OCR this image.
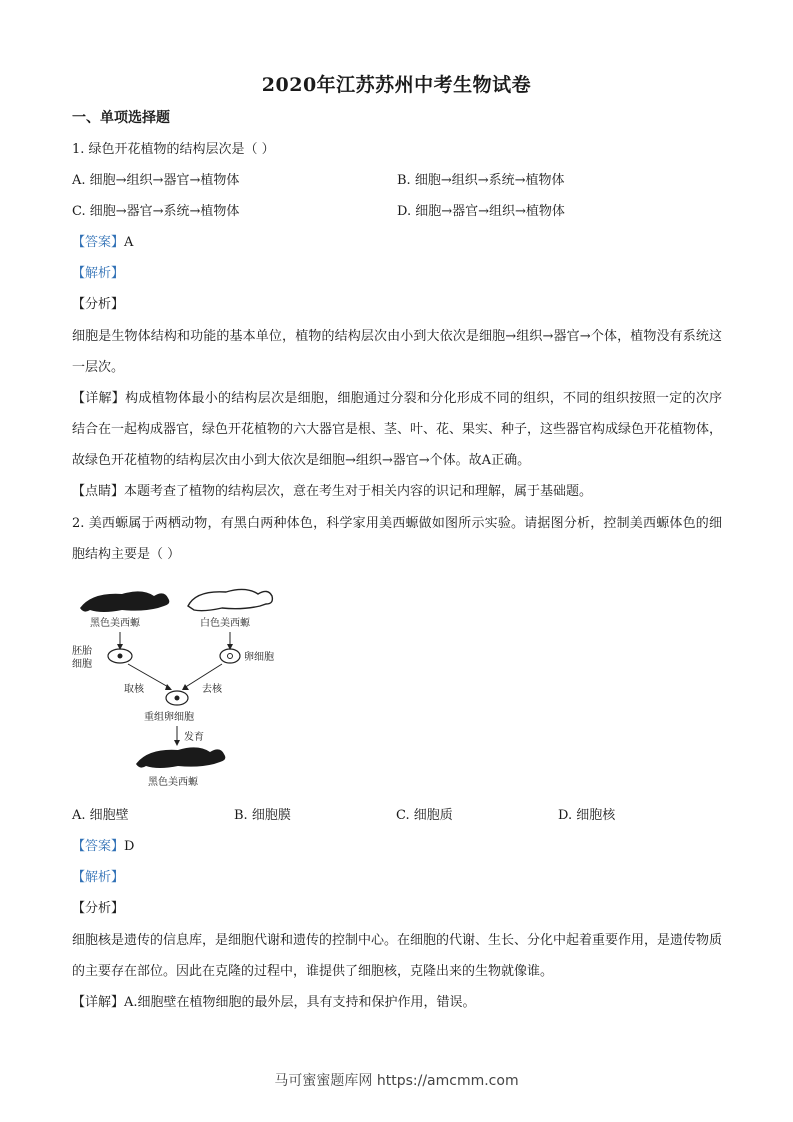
2020年江苏苏州中考生物试卷
一、单项选择题
1. 绿色开花植物的结构层次是（ ）
A. 细胞→组织→器官→植物体	B. 细胞→组织→系统→植物体
C. 细胞→器官→系统→植物体	D. 细胞→器官→组织→植物体
【答案】A
【解析】
【分析】
细胞是生物体结构和功能的基本单位，植物的结构层次由小到大依次是细胞→组织→器官→个体，植物没有系统这一层次。
【详解】构成植物体最小的结构层次是细胞，细胞通过分裂和分化形成不同的组织，不同的组织按照一定的次序结合在一起构成器官，绿色开花植物的六大器官是根、茎、叶、花、果实、种子，这些器官构成绿色开花植物体，故绿色开花植物的结构层次由小到大依次是细胞→组织→器官→个体。故A正确。
【点睛】本题考查了植物的结构层次，意在考生对于相关内容的识记和理解，属于基础题。
2. 美西螈属于两栖动物，有黑白两种体色，科学家用美西螈做如图所示实验。请据图分析，控制美西螈体色的细胞结构主要是（ ）
黑色美西螈	白色美西螈
胚胎
细胞
卵细胞
取核	去核
重组卵细胞
发育
黑色美西螈
A. 细胞壁	B. 细胞膜	C. 细胞质	D. 细胞核
【答案】D
【解析】
【分析】
细胞核是遗传的信息库，是细胞代谢和遗传的控制中心。在细胞的代谢、生长、分化中起着重要作用，是遗传物质的主要存在部位。因此在克隆的过程中，谁提供了细胞核，克隆出来的生物就像谁。
【详解】A.细胞壁在植物细胞的最外层，具有支持和保护作用，错误。
马可蜜蜜题库网 https://amcmm.com
